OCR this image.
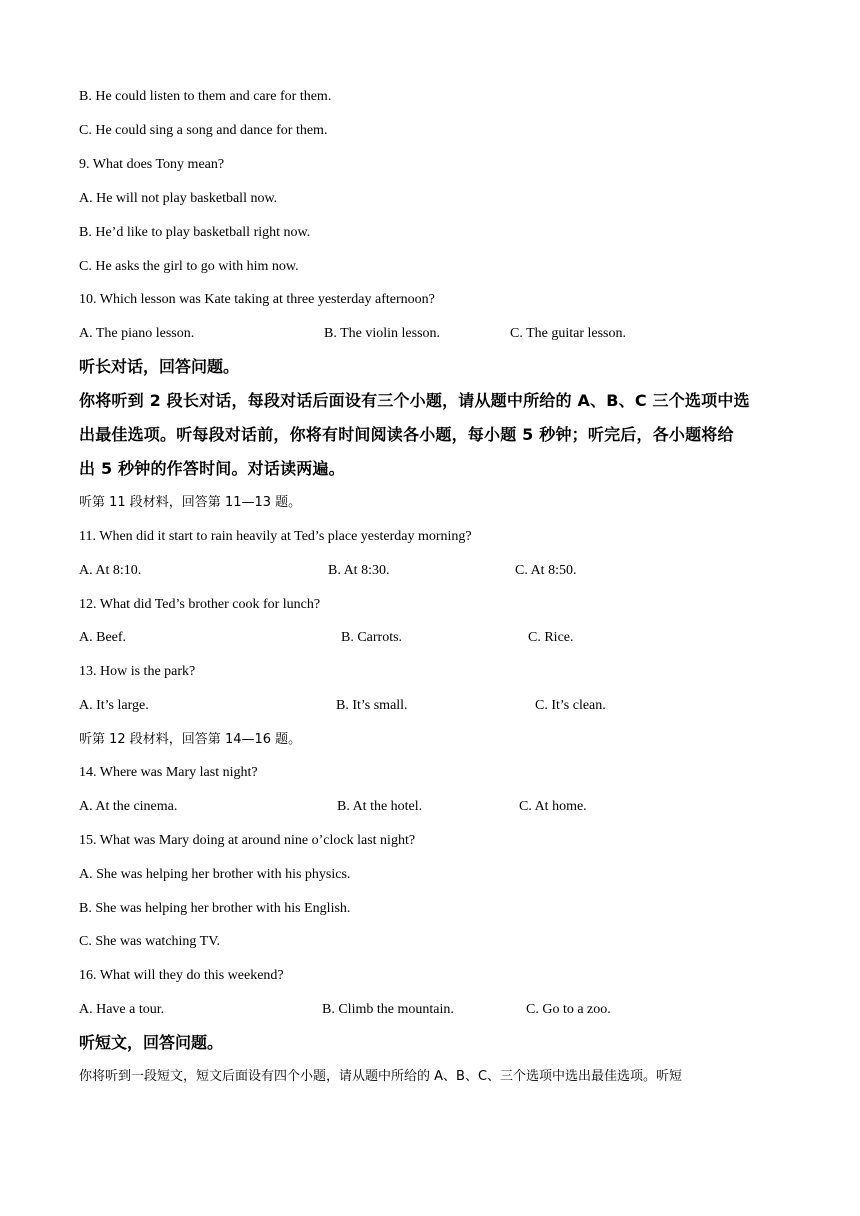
B. He could listen to them and care for them.
C. He could sing a song and dance for them.
9. What does Tony mean?
A. He will not play basketball now.
B. He’d like to play basketball right now.
C. He asks the girl to go with him now.
10. Which lesson was Kate taking at three yesterday afternoon?
A. The piano lesson.	B. The violin lesson.	C. The guitar lesson.
听长对话，回答问题。
你将听到 2 段长对话，每段对话后面设有三个小题，请从题中所给的 A、B、C 三个选项中选
出最佳选项。听每段对话前，你将有时间阅读各小题，每小题 5 秒钟；听完后，各小题将给
出 5 秒钟的作答时间。对话读两遍。
听第 11 段材料，回答第 11—13 题。
11. When did it start to rain heavily at Ted’s place yesterday morning?
A. At 8:10.	B. At 8:30.	C. At 8:50.
12. What did Ted’s brother cook for lunch?
A. Beef.	B. Carrots.	C. Rice.
13. How is the park?
A. It’s large.	B. It’s small.	C. It’s clean.
听第 12 段材料，回答第 14—16 题。
14. Where was Mary last night?
A. At the cinema.	B. At the hotel.	C. At home.
15. What was Mary doing at around nine o’clock last night?
A. She was helping her brother with his physics.
B. She was helping her brother with his English.
C. She was watching TV.
16. What will they do this weekend?
A. Have a tour.	B. Climb the mountain.	C. Go to a zoo.
听短文，回答问题。
你将听到一段短文，短文后面设有四个小题，请从题中所给的 A、B、C、三个选项中选出最佳选项。听短
